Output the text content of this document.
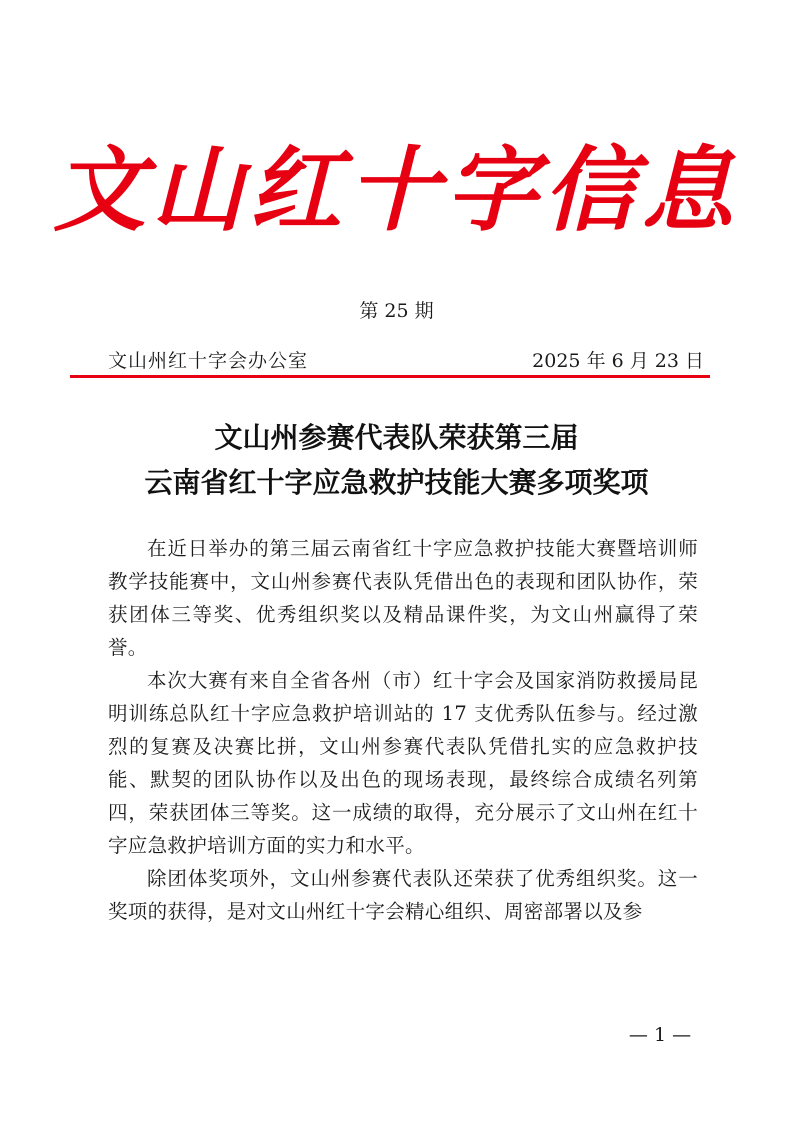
文山红十字信息
第 25 期
文山州红十字会办公室	2025 年 6 月 23 日
文山州参赛代表队荣获第三届
云南省红十字应急救护技能大赛多项奖项

在近日举办的第三届云南省红十字应急救护技能大赛暨培训师教学技能赛中，文山州参赛代表队凭借出色的表现和团队协作，荣获团体三等奖、优秀组织奖以及精品课件奖，为文山州赢得了荣誉。

本次大赛有来自全省各州（市）红十字会及国家消防救援局昆明训练总队红十字应急救护培训站的 17 支优秀队伍参与。经过激烈的复赛及决赛比拼，文山州参赛代表队凭借扎实的应急救护技能、默契的团队协作以及出色的现场表现，最终综合成绩名列第四，荣获团体三等奖。这一成绩的取得，充分展示了文山州在红十字应急救护培训方面的实力和水平。

除团体奖项外，文山州参赛代表队还荣获了优秀组织奖。这一奖项的获得，是对文山州红十字会精心组织、周密部署以及参

— 1 —
